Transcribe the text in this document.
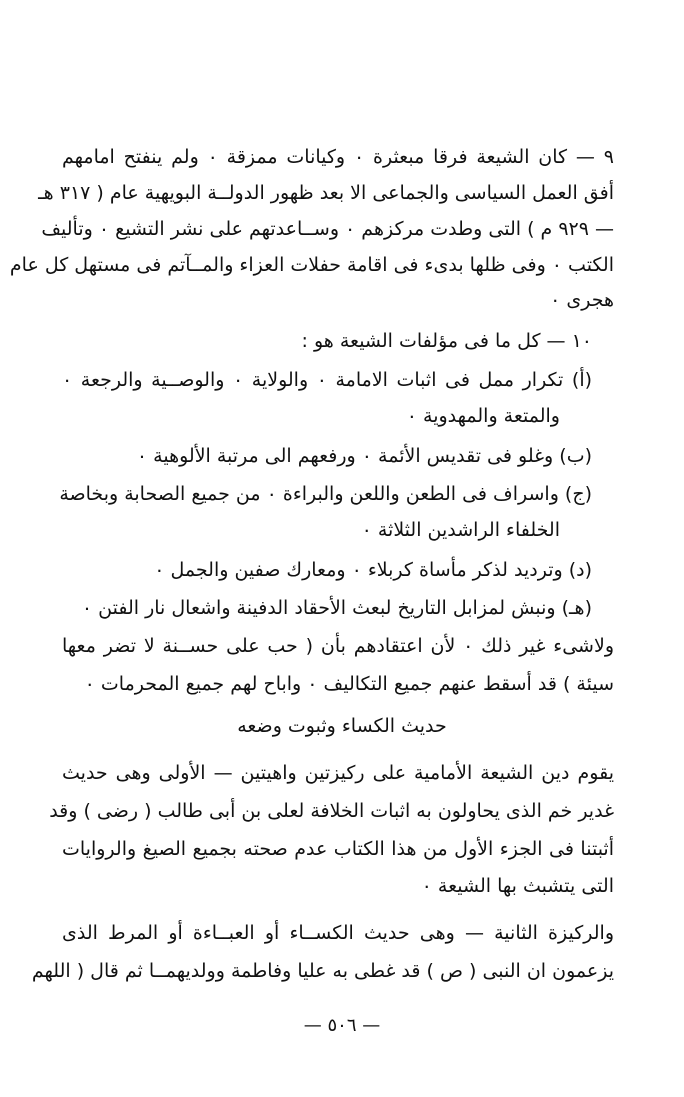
٩ — كان الشيعة فرقا مبعثرة ٠ وكيانات ممزقة ٠ ولم ينفتح امامهم
أفق العمل السياسى والجماعى الا بعد ظهور الدولــة البويهية عام ( ٣١٧ هـ
— ٩٢٩ م ) التى وطدت مركزهم ٠ وســاعدتهم على نشر التشيع ٠ وتأليف
الكتب ٠ وفى ظلها بدىء فى اقامة حفلات العزاء والمــآتم فى مستهل كل عام
هجرى ٠
١٠ — كل ما فى مؤلفات الشيعة هو :
(أ) تكرار ممل فى اثبات الامامة ٠ والولاية ٠ والوصــية والرجعة ٠
والمتعة والمهدوية ٠
(ب) وغلو فى تقديس الأئمة ٠ ورفعهم الى مرتبة الألوهية ٠
(ج) واسراف فى الطعن واللعن والبراءة ٠ من جميع الصحابة وبخاصة
الخلفاء الراشدين الثلاثة ٠
(د) وترديد لذكر مأساة كربلاء ٠ ومعارك صفين والجمل ٠
(هـ) ونبش لمزابل التاريخ لبعث الأحقاد الدفينة واشعال نار الفتن ٠
ولاشىء غير ذلك ٠ لأن اعتقادهم بأن ( حب على حســنة لا تضر معها
سيئة ) قد أسقط عنهم جميع التكاليف ٠ واباح لهم جميع المحرمات ٠
حديث الكساء وثبوت وضعه
يقوم دين الشيعة الأمامية على ركيزتين واهيتين — الأولى وهى حديث
غدير خم الذى يحاولون به اثبات الخلافة لعلى بن أبى طالب ( رضى ) وقد
أثبتنا فى الجزء الأول من هذا الكتاب عدم صحته بجميع الصيغ والروايات
التى يتشبث بها الشيعة ٠
والركيزة الثانية — وهى حديث الكســاء أو العبــاءة أو المرط الذى
يزعمون ان النبى ( ص ) قد غطى به عليا وفاطمة وولديهمــا ثم قال ( اللهم
— ٥٠٦ —
